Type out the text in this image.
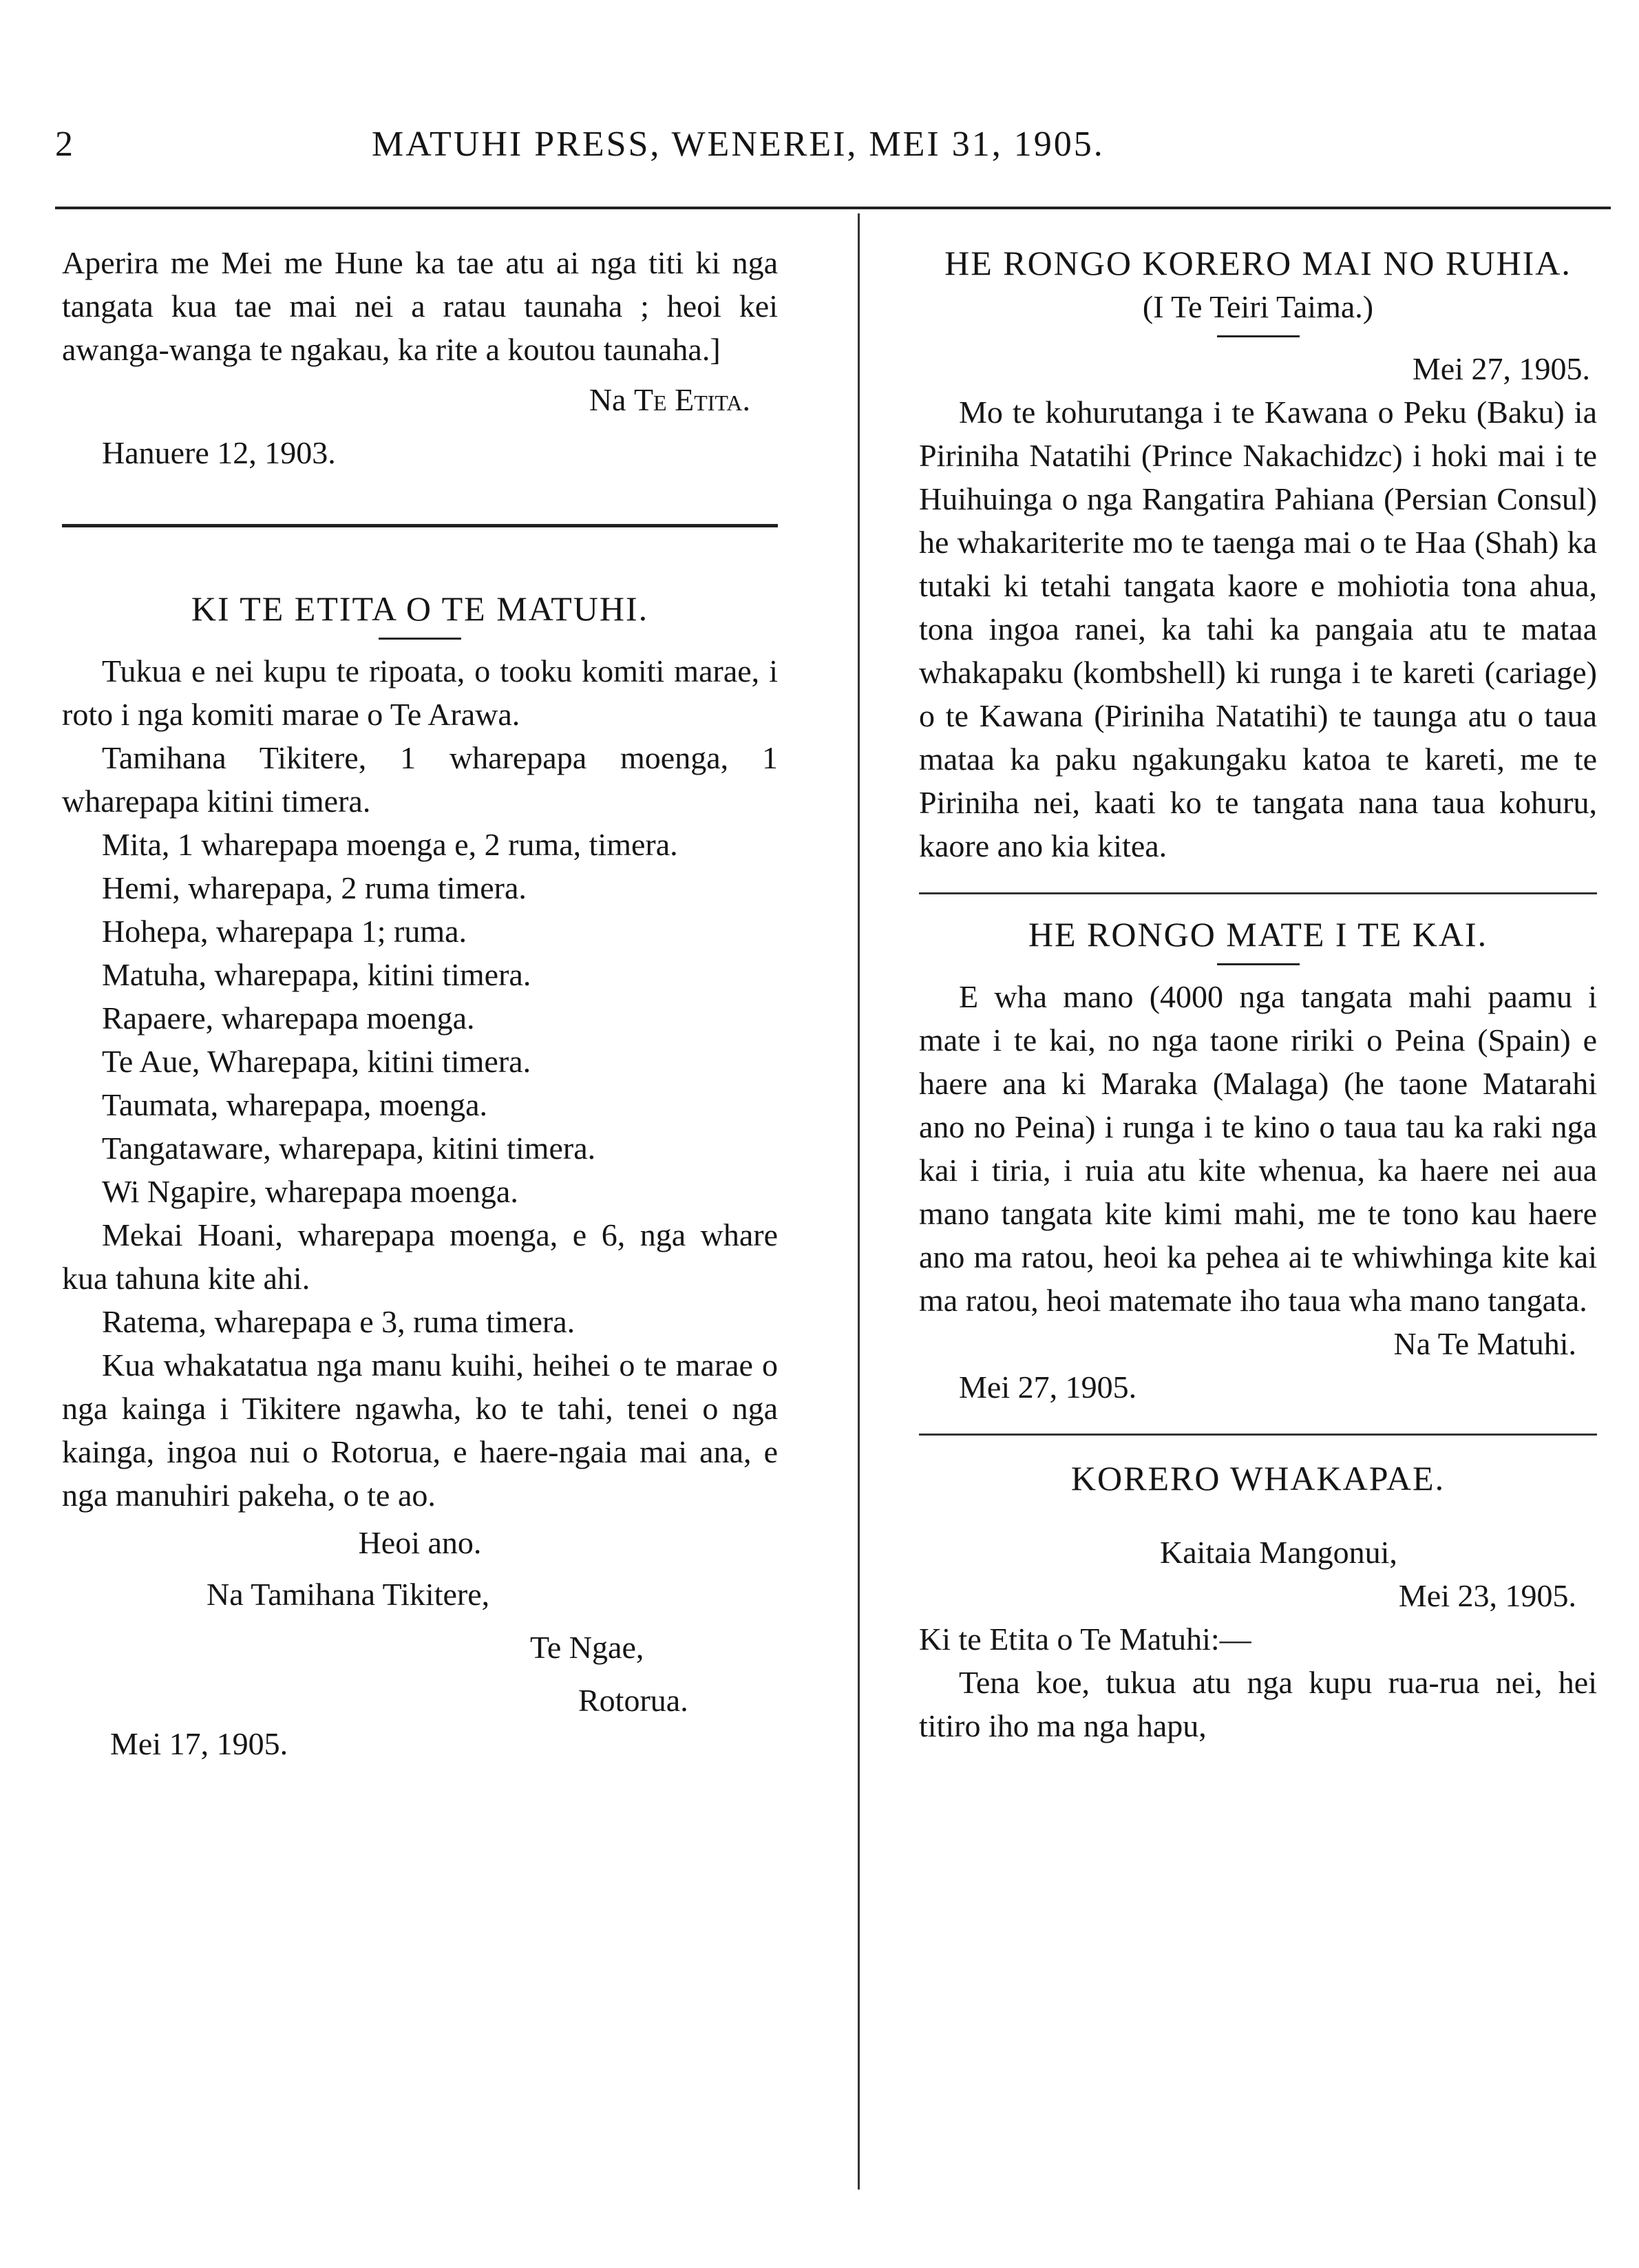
2	MATUHI PRESS, WENEREI, MEI 31, 1905.

Aperira me Mei me Hune ka tae atu ai nga titi ki nga tangata kua tae mai nei a ratau taunaha ; heoi kei awanga-wanga te ngakau, ka rite a koutou taunaha.]

Na Te Etita.

Hanuere 12, 1903.

KI TE ETITA O TE MATUHI.

Tukua e nei kupu te ripoata, o tooku komiti marae, i roto i nga komiti marae o Te Arawa.

Tamihana Tikitere, 1 wharepapa moenga, 1 wharepapa kitini timera.

Mita, 1 wharepapa moenga e, 2 ruma, timera.

Hemi, wharepapa, 2 ruma timera.

Hohepa, wharepapa 1; ruma.

Matuha, wharepapa, kitini timera.

Rapaere, wharepapa moenga.

Te Aue, Wharepapa, kitini timera.

Taumata, wharepapa, moenga.

Tangataware, wharepapa, kitini timera.

Wi Ngapire, wharepapa moenga.

Mekai Hoani, wharepapa moenga, e 6, nga whare kua tahuna kite ahi.

Ratema, wharepapa e 3, ruma timera.

Kua whakatatua nga manu kuihi, heihei o te marae o nga kainga i Tikitere ngawha, ko te tahi, tenei o nga kainga, ingoa nui o Rotorua, e haere-ngaia mai ana, e nga manuhiri pakeha, o te ao.

Heoi ano.

Na Tamihana Tikitere,

Te Ngae,

Rotorua.

Mei 17, 1905.

HE RONGO KORERO MAI NO RUHIA.

(I Te Teiri Taima.)

Mei 27, 1905.

Mo te kohurutanga i te Kawana o Peku (Baku) ia Piriniha Natatihi (Prince Nakachidzc) i hoki mai i te Huihuinga o nga Rangatira Pahiana (Persian Consul) he whakariterite mo te taenga mai o te Haa (Shah) ka tutaki ki tetahi tangata kaore e mohiotia tona ahua, tona ingoa ranei, ka tahi ka pangaia atu te mataa whakapaku (kombshell) ki runga i te kareti (cariage) o te Kawana (Piriniha Natatihi) te taunga atu o taua mataa ka paku ngakungaku katoa te kareti, me te Piriniha nei, kaati ko te tangata nana taua kohuru, kaore ano kia kitea.

HE RONGO MATE I TE KAI.

E wha mano (4000 nga tangata mahi paamu i mate i te kai, no nga taone ririki o Peina (Spain) e haere ana ki Maraka (Malaga) (he taone Matarahi ano no Peina) i runga i te kino o taua tau ka raki nga kai i tiria, i ruia atu kite whenua, ka haere nei aua mano tangata kite kimi mahi, me te tono kau haere ano ma ratou, heoi ka pehea ai te whiwhinga kite kai ma ratou, heoi matemate iho taua wha mano tangata.

Na Te Matuhi.

Mei 27, 1905.

KORERO WHAKAPAE.

Kaitaia Mangonui,

Mei 23, 1905.

Ki te Etita o Te Matuhi:—

Tena koe, tukua atu nga kupu rua-rua nei, hei titiro iho ma nga hapu,
